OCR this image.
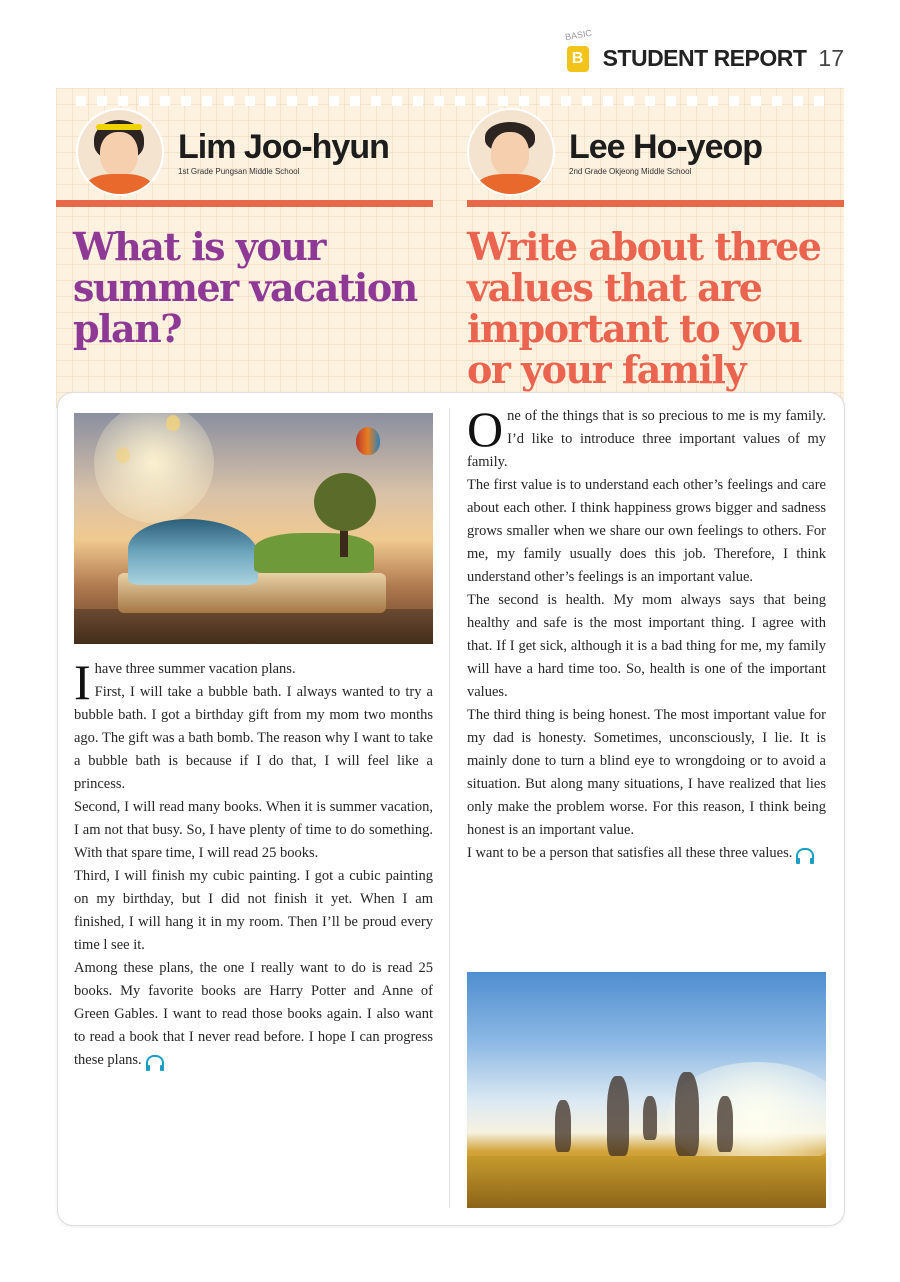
BASIC
B STUDENT REPORT 17
Lim Joo-hyun
1st Grade Pungsan Middle School
What is your summer vacation plan?
Lee Ho-yeop
2nd Grade Okjeong Middle School
Write about three values that are important to you or your family

Ihave three summer vacation plans.

First, I will take a bubble bath. I always wanted to try a bubble bath. I got a birthday gift from my mom two months ago. The gift was a bath bomb. The reason why I want to take a bubble bath is because if I do that, I will feel like a princess.

Second, I will read many books. When it is summer vacation, I am not that busy. So, I have plenty of time to do something. With that spare time, I will read 25 books.

Third, I will finish my cubic painting. I got a cubic painting on my birthday, but I did not finish it yet. When I am finished, I will hang it in my room. Then I’ll be proud every time l see it.

Among these plans, the one I really want to do is read 25 books. My favorite books are Harry Potter and Anne of Green Gables. I want to read those books again. I also want to read a book that I never read before. I hope I can progress these plans.

One of the things that is so precious to me is my family. I’d like to introduce three important values of my family.

The first value is to understand each other’s feelings and care about each other. I think happiness grows bigger and sadness grows smaller when we share our own feelings to others. For me, my family usually does this job. Therefore, I think understand other’s feelings is an important value.

The second is health. My mom always says that being healthy and safe is the most important thing. I agree with that. If I get sick, although it is a bad thing for me, my family will have a hard time too. So, health is one of the important values.

The third thing is being honest. The most important value for my dad is honesty. Sometimes, unconsciously, I lie. It is mainly done to turn a blind eye to wrongdoing or to avoid a situation. But along many situations, I have realized that lies only make the problem worse. For this reason, I think being honest is an important value.

I want to be a person that satisfies all these three values.
